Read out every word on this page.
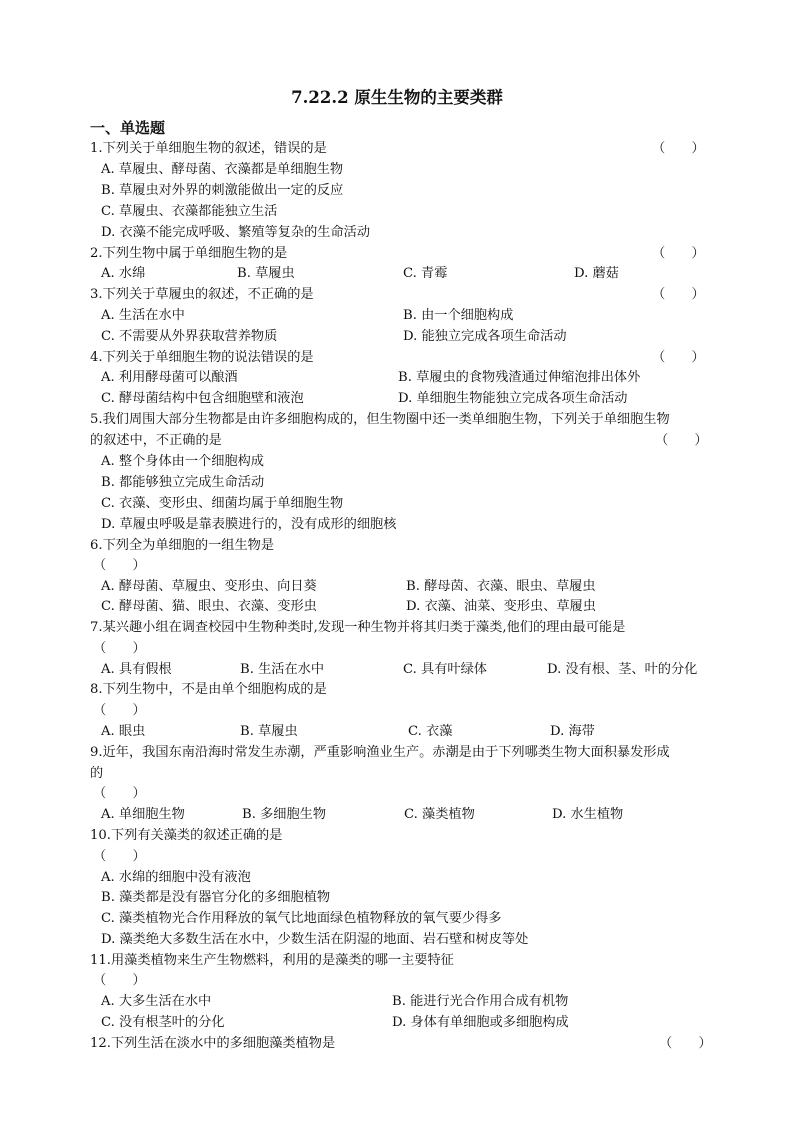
7.22.2 原生生物的主要类群
一、单选题
1.下列关于单细胞生物的叙述，错误的是	（　　）
A. 草履虫、酵母菌、衣藻都是单细胞生物
B. 草履虫对外界的刺激能做出一定的反应
C. 草履虫、衣藻都能独立生活
D. 衣藻不能完成呼吸、繁殖等复杂的生命活动
2.下列生物中属于单细胞生物的是	（　　）
A. 水绵	B. 草履虫	C. 青霉	D. 蘑菇
3.下列关于草履虫的叙述，不正确的是	（　　）
A. 生活在水中	B. 由一个细胞构成
C. 不需要从外界获取营养物质	D. 能独立完成各项生命活动
4.下列关于单细胞生物的说法错误的是	（　　）
A. 利用酵母菌可以酿酒	B. 草履虫的食物残渣通过伸缩泡排出体外
C. 酵母菌结构中包含细胞壁和液泡	D. 单细胞生物能独立完成各项生命活动
5.我们周围大部分生物都是由许多细胞构成的，但生物圈中还一类单细胞生物，下列关于单细胞生物
的叙述中，不正确的是	（　　）
A. 整个身体由一个细胞构成
B. 都能够独立完成生命活动
C. 衣藻、变形虫、细菌均属于单细胞生物
D. 草履虫呼吸是靠表膜进行的，没有成形的细胞核
6.下列全为单细胞的一组生物是
（　　）
A. 酵母菌、草履虫、变形虫、向日葵	B. 酵母茵、衣藻、眼虫、草履虫
C. 酵母菌、猫、眼虫、衣藻、变形虫	D. 衣藻、油菜、变形虫、草履虫
7.某兴趣小组在调查校园中生物种类时,发现一种生物并将其归类于藻类,他们的理由最可能是
（　　）
A. 具有假根	B. 生活在水中	C. 具有叶绿体	D. 没有根、茎、叶的分化
8.下列生物中，不是由单个细胞构成的是
（　　）
A. 眼虫	B. 草履虫	C. 衣藻	D. 海带
9.近年，我国东南沿海时常发生赤潮，严重影响渔业生产。赤潮是由于下列哪类生物大面积暴发形成
的
（　　）
A. 单细胞生物	B. 多细胞生物	C. 藻类植物	D. 水生植物
10.下列有关藻类的叙述正确的是
（　　）
A. 水绵的细胞中没有液泡
B. 藻类都是没有器官分化的多细胞植物
C. 藻类植物光合作用释放的氧气比地面绿色植物释放的氧气要少得多
D. 藻类绝大多数生活在水中，少数生活在阴湿的地面、岩石壁和树皮等处
11.用藻类植物来生产生物燃料，利用的是藻类的哪一主要特征
（　　）
A. 大多生活在水中	B. 能进行光合作用合成有机物
C. 没有根茎叶的分化	D. 身体有单细胞或多细胞构成
12.下列生活在淡水中的多细胞藻类植物是	（　　）
